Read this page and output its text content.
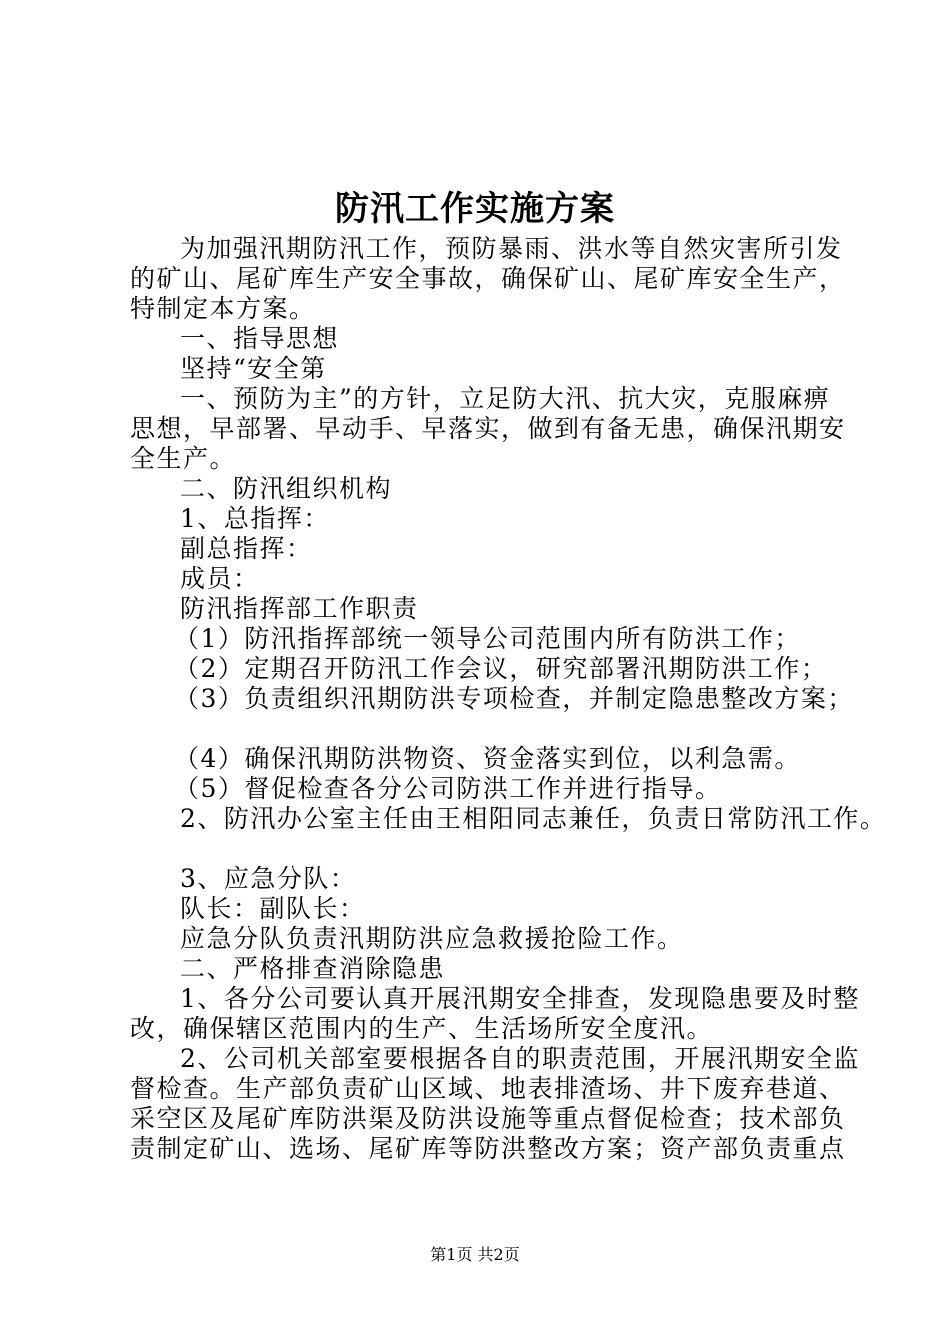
防汛工作实施方案
为加强汛期防汛工作，预防暴雨、洪水等自然灾害所引发
的矿山、尾矿库生产安全事故，确保矿山、尾矿库安全生产，
特制定本方案。
一、指导思想
坚持“安全第
一、预防为主”的方针，立足防大汛、抗大灾，克服麻痹
思想，早部署、早动手、早落实，做到有备无患，确保汛期安
全生产。
二、防汛组织机构
1、总指挥：
副总指挥：
成员：
防汛指挥部工作职责
（1）防汛指挥部统一领导公司范围内所有防洪工作；
（2）定期召开防汛工作会议，研究部署汛期防洪工作；
（3）负责组织汛期防洪专项检查，并制定隐患整改方案；
（4）确保汛期防洪物资、资金落实到位，以利急需。
（5）督促检查各分公司防洪工作并进行指导。
2、防汛办公室主任由王相阳同志兼任，负责日常防汛工作。
3、应急分队：
队长：副队长：
应急分队负责汛期防洪应急救援抢险工作。
二、严格排查消除隐患
1、各分公司要认真开展汛期安全排查，发现隐患要及时整
改，确保辖区范围内的生产、生活场所安全度汛。
2、公司机关部室要根据各自的职责范围，开展汛期安全监
督检查。生产部负责矿山区域、地表排渣场、井下废弃巷道、
采空区及尾矿库防洪渠及防洪设施等重点督促检查；技术部负
责制定矿山、选场、尾矿库等防洪整改方案；资产部负责重点
第1页 共2页
